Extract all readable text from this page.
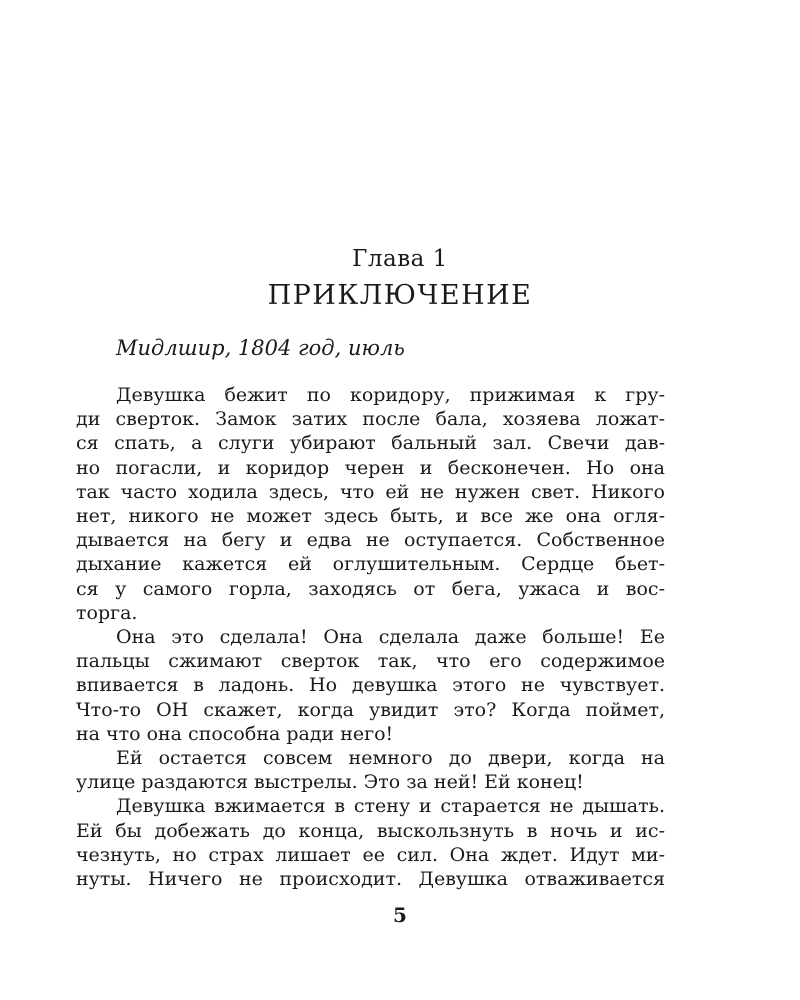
Глава 1
ПРИКЛЮЧЕНИЕ
Мидлшир, 1804 год, июль
Девушка бежит по коридору, прижимая к гру-
ди сверток. Замок затих после бала, хозяева ложат-
ся спать, а слуги убирают бальный зал. Свечи дав-
но погасли, и коридор черен и бесконечен. Но она
так часто ходила здесь, что ей не нужен свет. Никого
нет, никого не может здесь быть, и все же она огля-
дывается на бегу и едва не оступается. Собственное
дыхание кажется ей оглушительным. Сердце бьет-
ся у самого горла, заходясь от бега, ужаса и вос-
торга.
Она это сделала! Она сделала даже больше! Ее
пальцы сжимают сверток так, что его содержимое
впивается в ладонь. Но девушка этого не чувствует.
Что-то ОН скажет, когда увидит это? Когда поймет,
на что она способна ради него!
Ей остается совсем немного до двери, когда на
улице раздаются выстрелы. Это за ней! Ей конец!
Девушка вжимается в стену и старается не дышать.
Ей бы добежать до конца, выскользнуть в ночь и ис-
чезнуть, но страх лишает ее сил. Она ждет. Идут ми-
нуты. Ничего не происходит. Девушка отваживается
5
